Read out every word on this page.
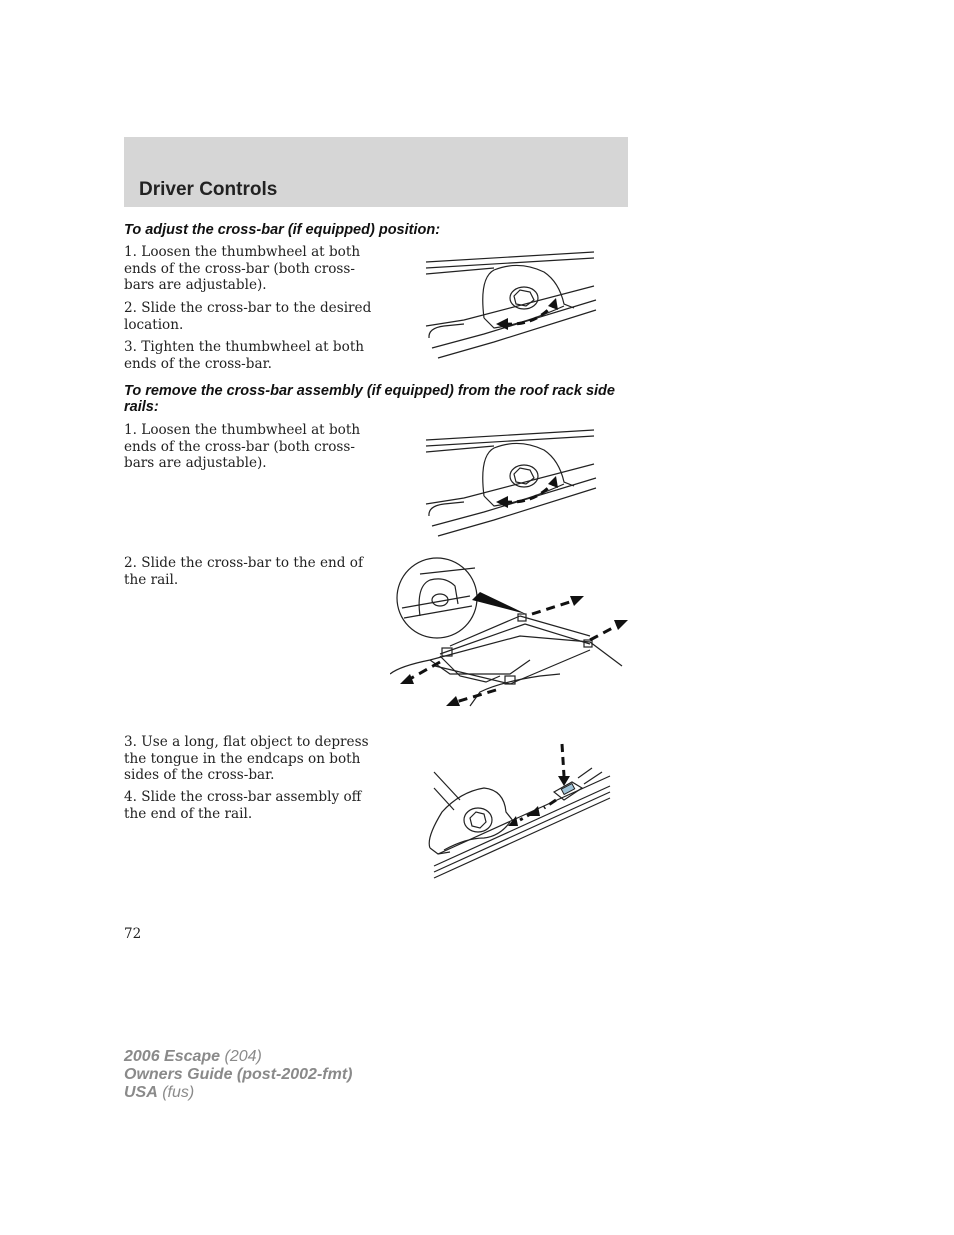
Driver Controls
To adjust the cross-bar (if equipped) position:
1. Loosen the thumbwheel at both ends of the cross-bar (both cross-bars are adjustable).
2. Slide the cross-bar to the desired location.
3. Tighten the thumbwheel at both ends of the cross-bar.
To remove the cross-bar assembly (if equipped) from the roof rack side rails:
1. Loosen the thumbwheel at both ends of the cross-bar (both cross-bars are adjustable).
2. Slide the cross-bar to the end of the rail.
3. Use a long, flat object to depress the tongue in the endcaps on both sides of the cross-bar.
4. Slide the cross-bar assembly off the end of the rail.
72
2006 Escape (204)
Owners Guide (post-2002-fmt)
USA (fus)
